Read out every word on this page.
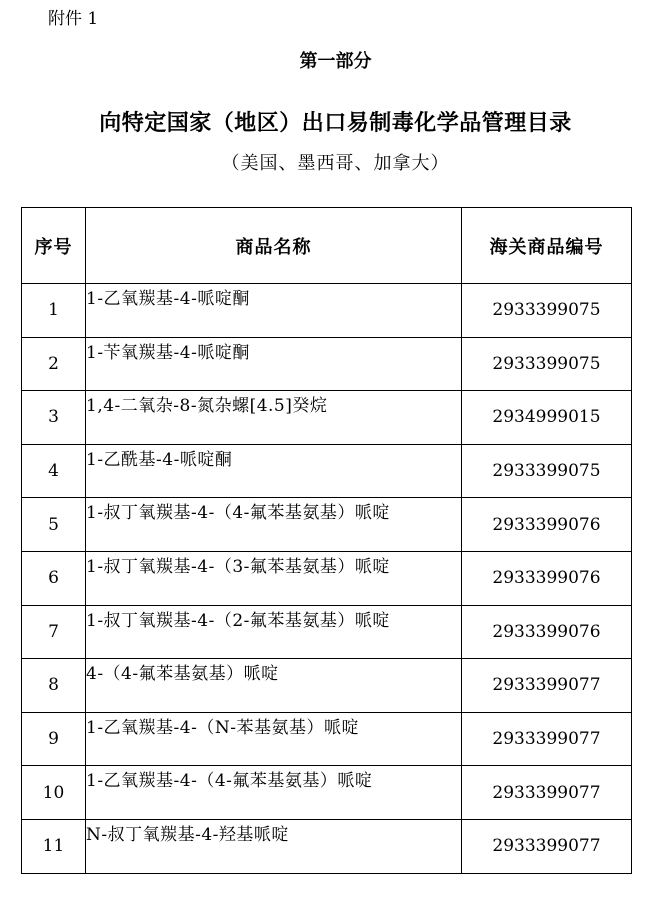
附件 1
第一部分
向特定国家（地区）出口易制毒化学品管理目录
（美国、墨西哥、加拿大）
序号	商品名称	海关商品编号
1	1-乙氧羰基-4-哌啶酮	2933399075
2	1-苄氧羰基-4-哌啶酮	2933399075
3	1,4-二氧杂-8-氮杂螺[4.5]癸烷	2934999015
4	1-乙酰基-4-哌啶酮	2933399075
5	1-叔丁氧羰基-4-（4-氟苯基氨基）哌啶	2933399076
6	1-叔丁氧羰基-4-（3-氟苯基氨基）哌啶	2933399076
7	1-叔丁氧羰基-4-（2-氟苯基氨基）哌啶	2933399076
8	4-（4-氟苯基氨基）哌啶	2933399077
9	1-乙氧羰基-4-（N-苯基氨基）哌啶	2933399077
10	1-乙氧羰基-4-（4-氟苯基氨基）哌啶	2933399077
11	N-叔丁氧羰基-4-羟基哌啶	2933399077
